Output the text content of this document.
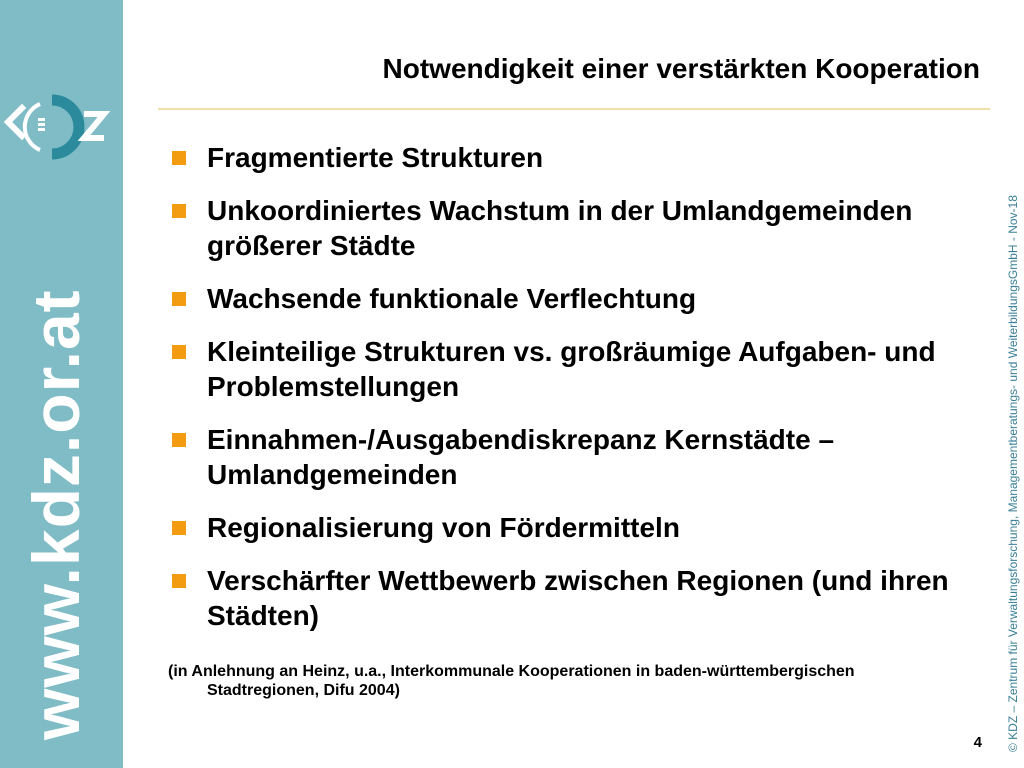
www.kdz.or.at
Notwendigkeit einer verstärkten Kooperation
Fragmentierte Strukturen
Unkoordiniertes Wachstum in der Umlandgemeinden größerer Städte
Wachsende funktionale Verflechtung
Kleinteilige Strukturen vs. großräumige Aufgaben- und Problemstellungen
Einnahmen-/Ausgabendiskrepanz Kernstädte – Umlandgemeinden
Regionalisierung von Fördermitteln
Verschärfter Wettbewerb zwischen Regionen (und ihren Städten)
(in Anlehnung an Heinz, u.a., Interkommunale Kooperationen in baden-württembergischen Stadtregionen, Difu 2004)	© KDZ – Zentrum für Verwaltungsforschung, Managementberatungs- und WeiterbildungsGmbH - Nov-18
4
